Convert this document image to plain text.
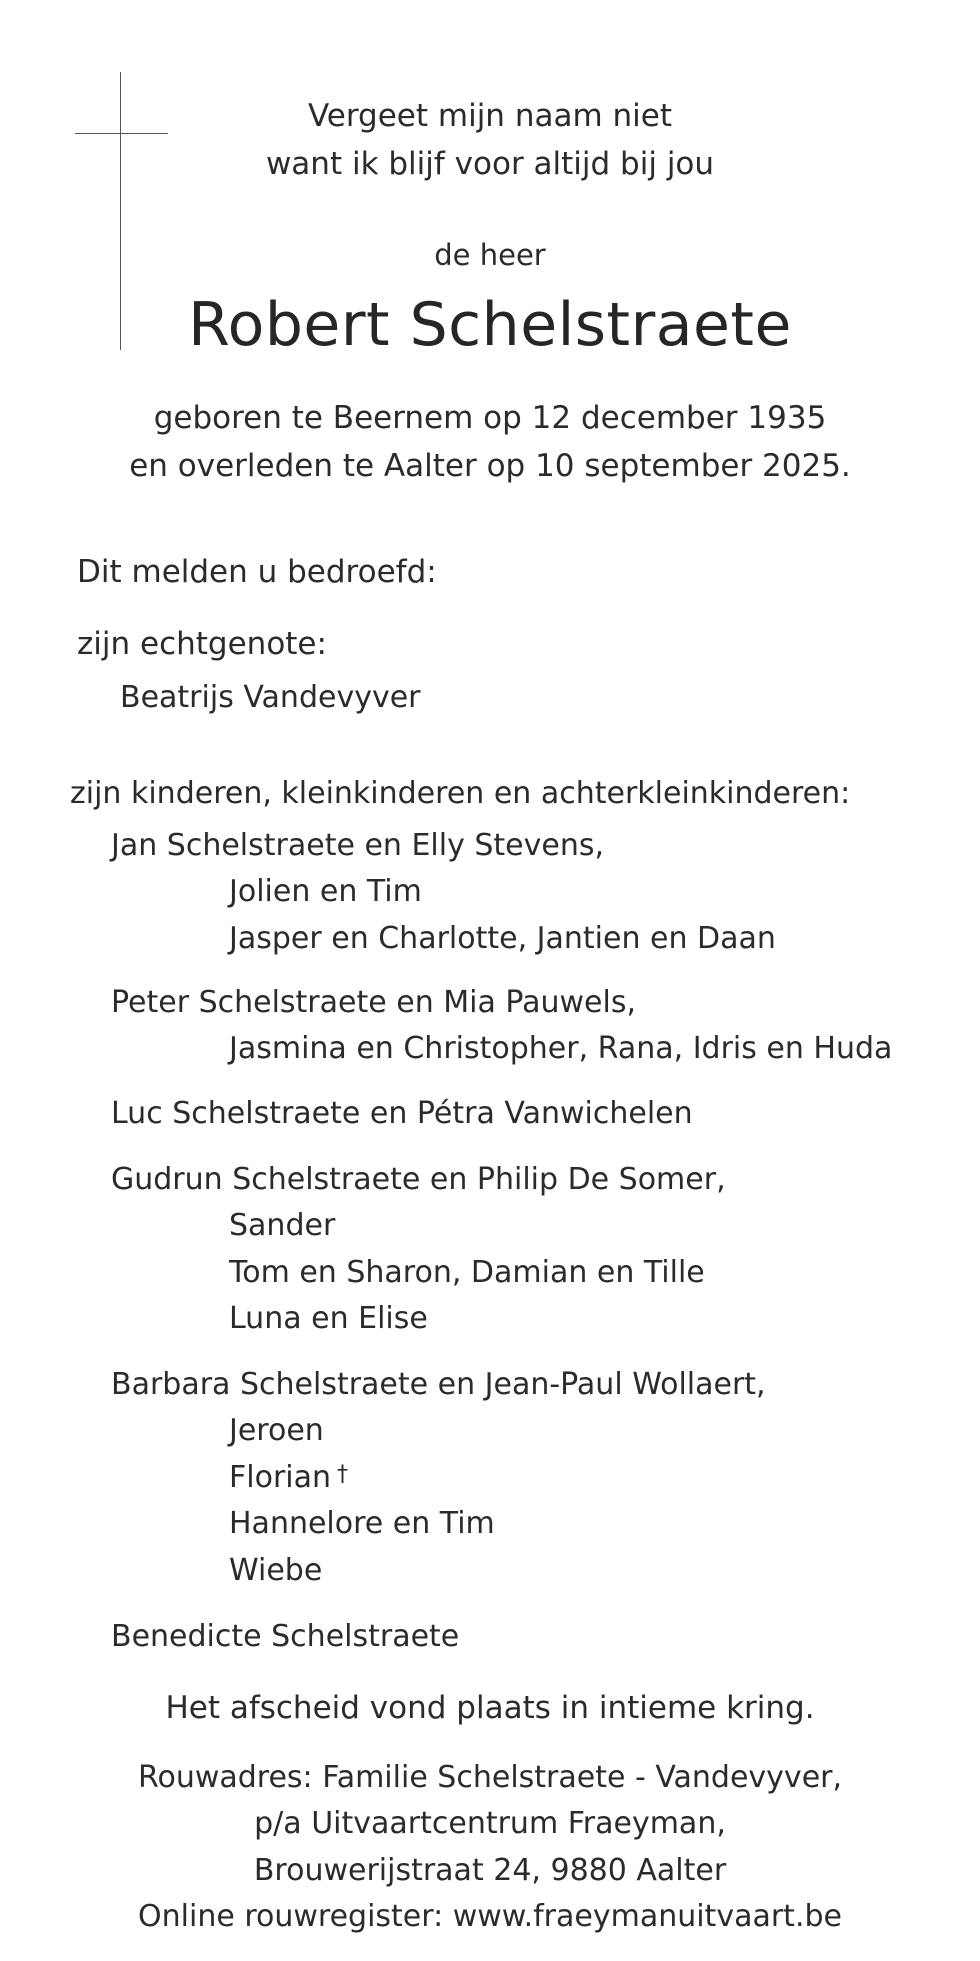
Vergeet mijn naam niet
want ik blijf voor altijd bij jou
de heer
Robert Schelstraete
geboren te Beernem op 12 december 1935
en overleden te Aalter op 10 september 2025.
Dit melden u bedroefd:
zijn echtgenote:
Beatrijs Vandevyver
zijn kinderen, kleinkinderen en achterkleinkinderen:
Jan Schelstraete en Elly Stevens,
Jolien en Tim
Jasper en Charlotte, Jantien en Daan
Peter Schelstraete en Mia Pauwels,
Jasmina en Christopher, Rana, Idris en Huda
Luc Schelstraete en Pétra Vanwichelen
Gudrun Schelstraete en Philip De Somer,
Sander
Tom en Sharon, Damian en Tille
Luna en Elise
Barbara Schelstraete en Jean-Paul Wollaert,
Jeroen
Florian †
Hannelore en Tim
Wiebe
Benedicte Schelstraete
Het afscheid vond plaats in intieme kring.
Rouwadres: Familie Schelstraete - Vandevyver,
p/a Uitvaartcentrum Fraeyman,
Brouwerijstraat 24, 9880 Aalter
Online rouwregister: www.fraeymanuitvaart.be
